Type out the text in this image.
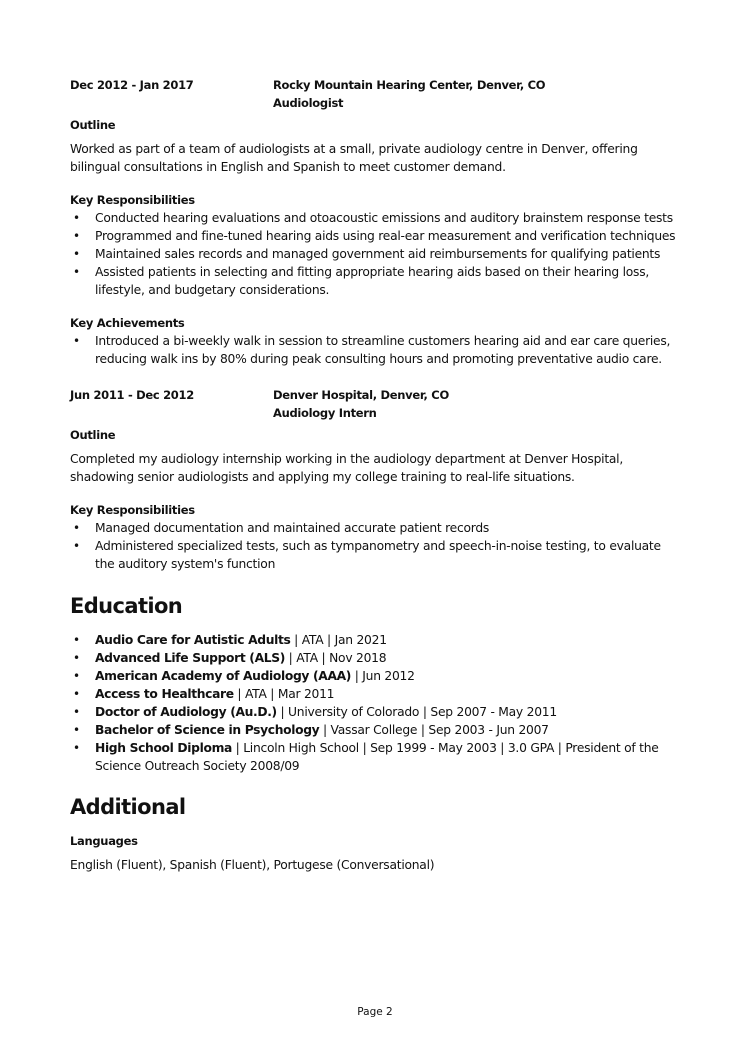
Dec 2012 - Jan 2017	Rocky Mountain Hearing Center, Denver, CO
Audiologist
Outline
Worked as part of a team of audiologists at a small, private audiology centre in Denver, offering bilingual consultations in English and Spanish to meet customer demand.
Key Responsibilities
• Conducted hearing evaluations and otoacoustic emissions and auditory brainstem response tests
• Programmed and fine-tuned hearing aids using real-ear measurement and verification techniques
• Maintained sales records and managed government aid reimbursements for qualifying patients
• Assisted patients in selecting and fitting appropriate hearing aids based on their hearing loss, lifestyle, and budgetary considerations.
Key Achievements
• Introduced a bi-weekly walk in session to streamline customers hearing aid and ear care queries, reducing walk ins by 80% during peak consulting hours and promoting preventative audio care.
Jun 2011 - Dec 2012	Denver Hospital, Denver, CO
Audiology Intern
Outline
Completed my audiology internship working in the audiology department at Denver Hospital, shadowing senior audiologists and applying my college training to real-life situations.
Key Responsibilities
• Managed documentation and maintained accurate patient records
• Administered specialized tests, such as tympanometry and speech-in-noise testing, to evaluate the auditory system's function
Education
• Audio Care for Autistic Adults | ATA | Jan 2021
• Advanced Life Support (ALS) | ATA | Nov 2018
• American Academy of Audiology (AAA) | Jun 2012
• Access to Healthcare | ATA | Mar 2011
• Doctor of Audiology (Au.D.) | University of Colorado | Sep 2007 - May 2011
• Bachelor of Science in Psychology | Vassar College | Sep 2003 - Jun 2007
• High School Diploma | Lincoln High School | Sep 1999 - May 2003 | 3.0 GPA | President of the Science Outreach Society 2008/09
Additional
Languages
English (Fluent), Spanish (Fluent), Portugese (Conversational)
Page 2
